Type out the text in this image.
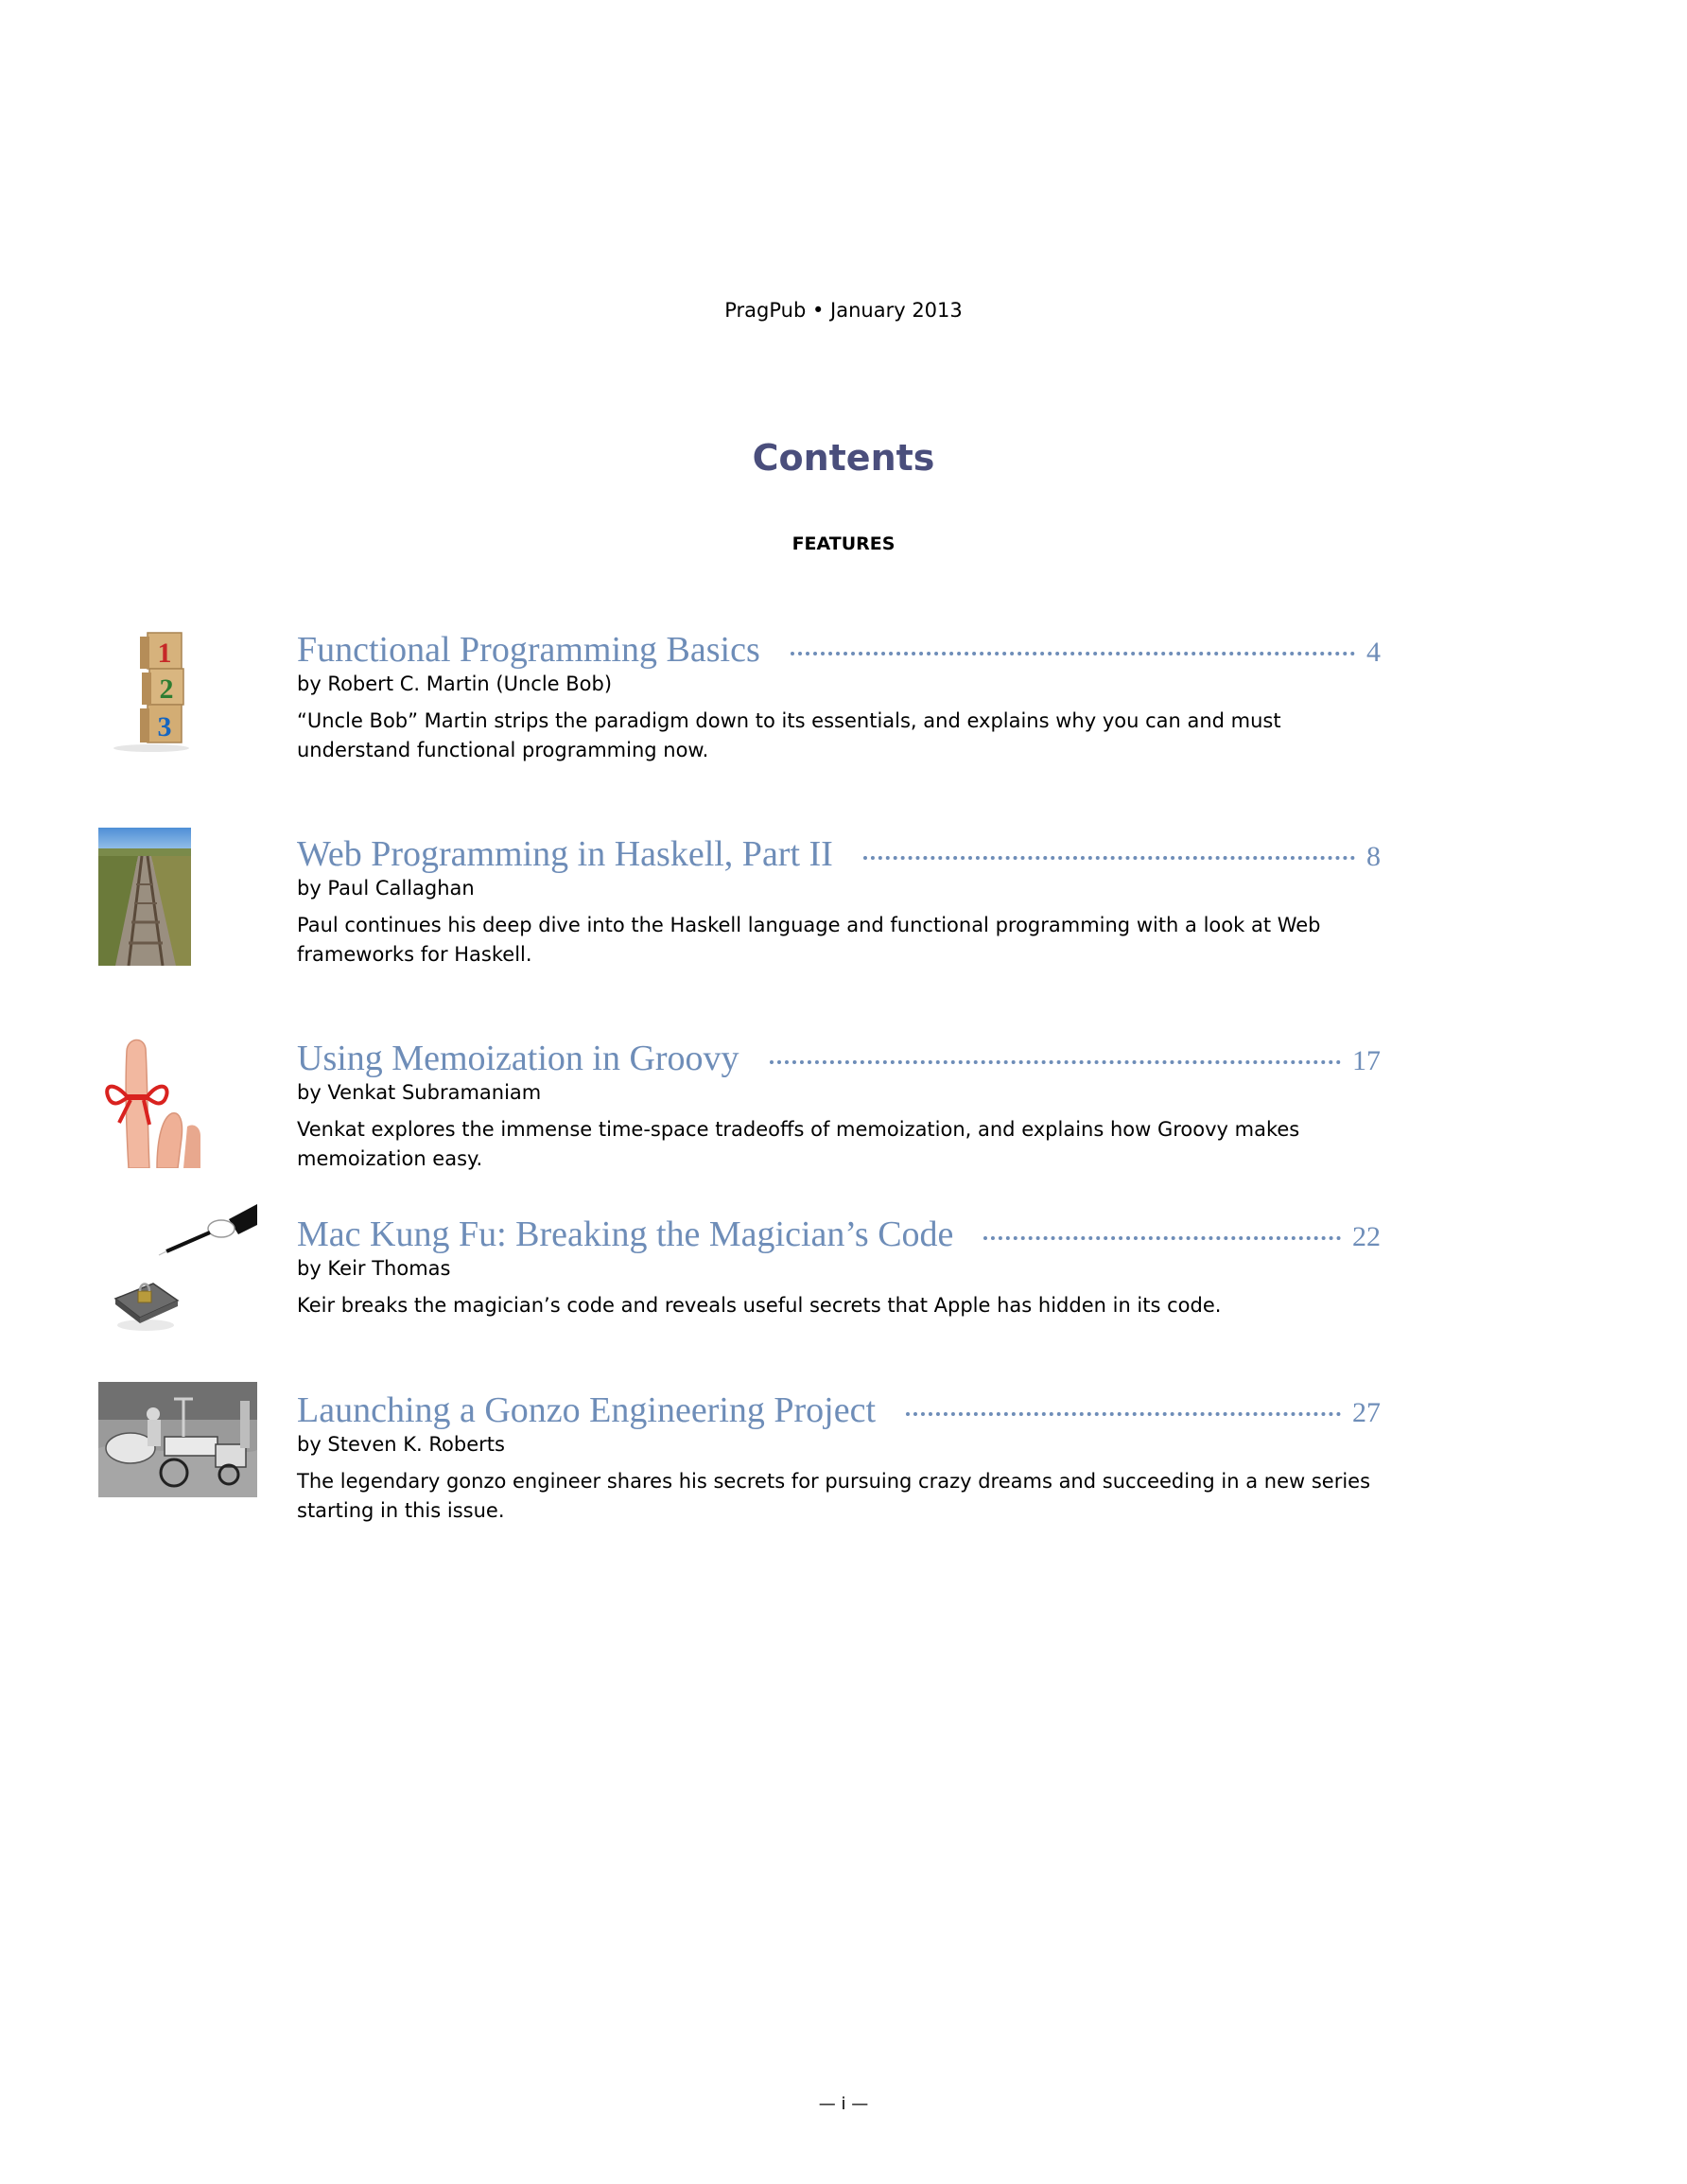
PragPub • January 2013
Contents
FEATURES
1
2
3
Functional Programming Basics	4
by Robert C. Martin (Uncle Bob)
“Uncle Bob” Martin strips the paradigm down to its essentials, and explains why you can and must understand functional programming now.
Web Programming in Haskell, Part II	8
by Paul Callaghan
Paul continues his deep dive into the Haskell language and functional programming with a look at Web frameworks for Haskell.
Using Memoization in Groovy	17
by Venkat Subramaniam
Venkat explores the immense time-space tradeoffs of memoization, and explains how Groovy makes memoization easy.
Mac Kung Fu: Breaking the Magician’s Code	22
by Keir Thomas
Keir breaks the magician’s code and reveals useful secrets that Apple has hidden in its code.
Launching a Gonzo Engineering Project	27
by Steven K. Roberts
The legendary gonzo engineer shares his secrets for pursuing crazy dreams and succeeding in a new series starting in this issue.
— i —
